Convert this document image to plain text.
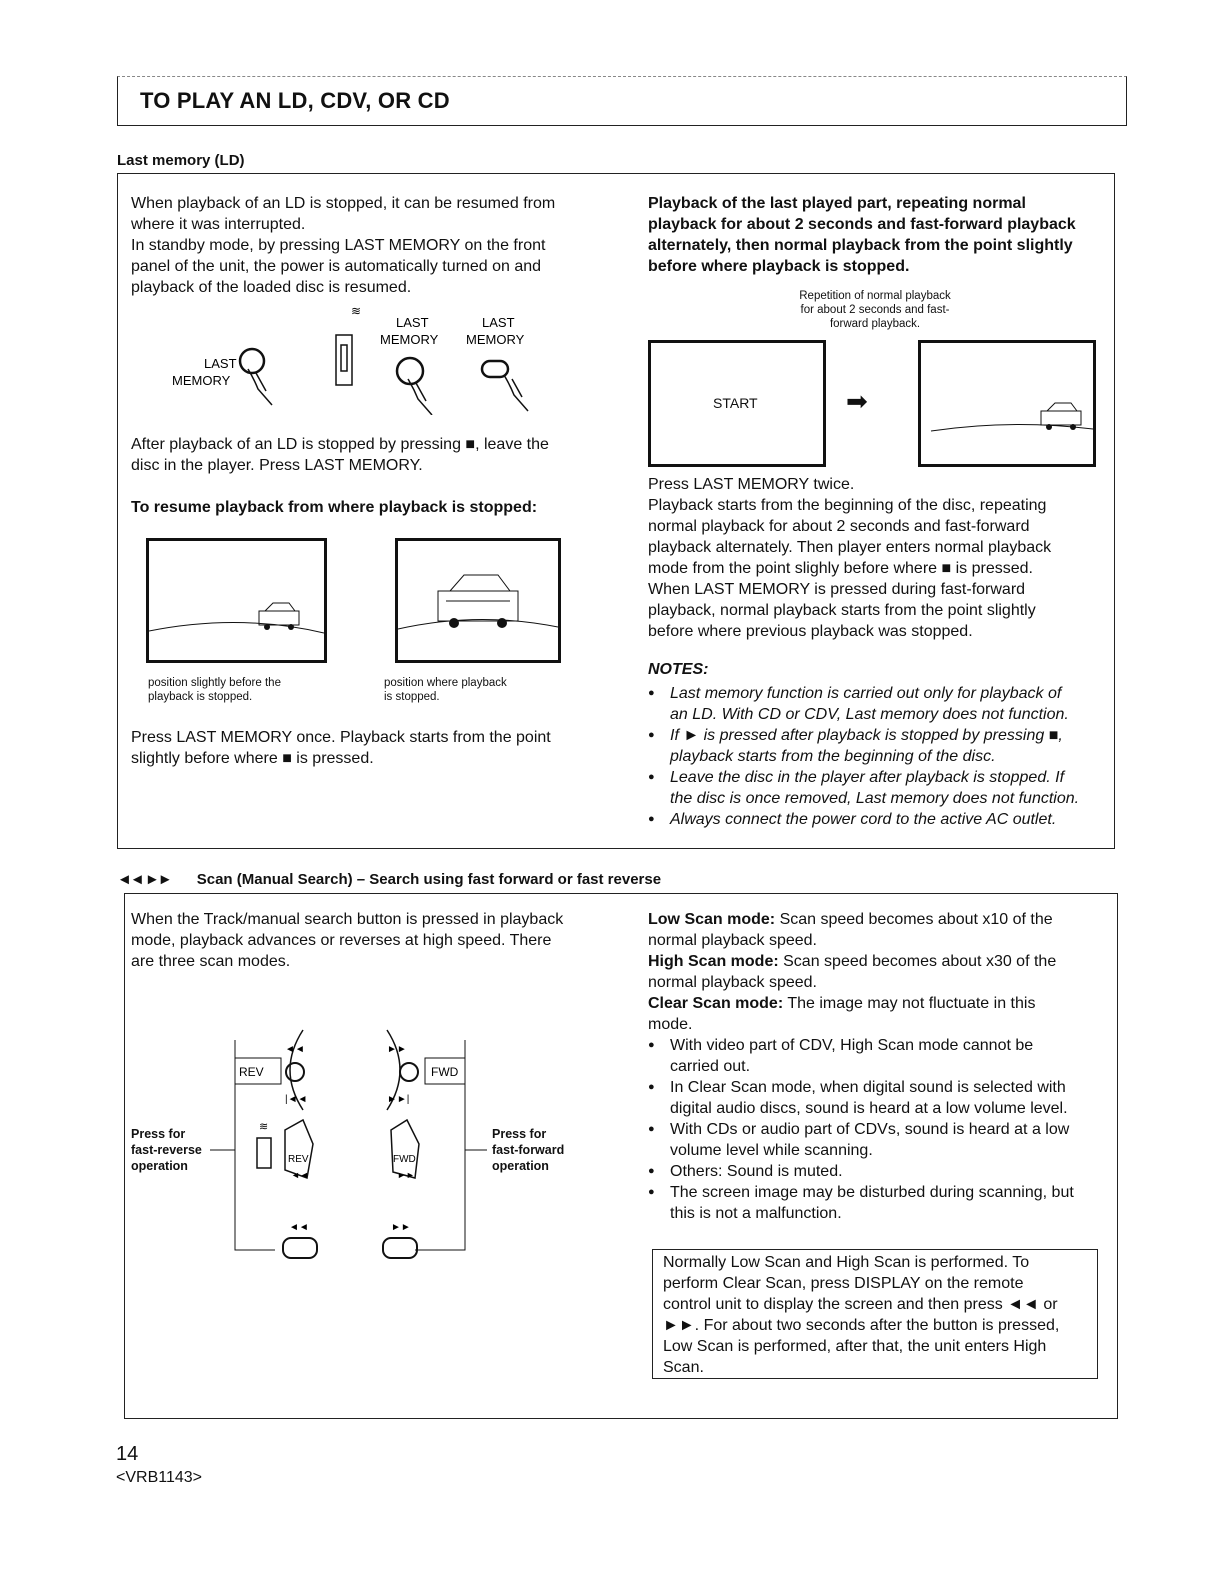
TO PLAY AN LD, CDV, OR CD
Last memory (LD)

When playback of an LD is stopped, it can be resumed from

where it was interrupted.

In standby mode, by pressing LAST MEMORY on the front

panel of the unit, the power is automatically turned on and

playback of the loaded disc is resumed.

LAST
MEMORY
≋
LAST
MEMORY
LAST
MEMORY

After playback of an LD is stopped by pressing ■, leave the

disc in the player. Press LAST MEMORY.

To resume playback from where playback is stopped:
position slightly before the
playback is stopped.
position where playback
is stopped.

Press LAST MEMORY once. Playback starts from the point

slightly before where ■ is pressed.

Playback of the last played part, repeating normal
playback for about 2 seconds and fast-forward playback
alternately, then normal playback from the point slightly
before where playback is stopped.
Repetition of normal playback
for about 2 seconds and fast-
forward playback.
START	➡

Press LAST MEMORY twice.

Playback starts from the beginning of the disc, repeating

normal playback for about 2 seconds and fast-forward

playback alternately. Then player enters normal playback

mode from the point slighly before where ■ is pressed.

When LAST MEMORY is pressed during fast-forward

playback, normal playback starts from the point slightly

before where previous playback was stopped.

NOTES:
● Last memory function is carried out only for playback of
an LD. With CD or CDV, Last memory does not function.
● If ► is pressed after playback is stopped by pressing ■,
playback starts from the beginning of the disc.
● Leave the disc in the player after playback is stopped. If
the disc is once removed, Last memory does not function.
● Always connect the power cord to the active AC outlet.
◄◄ ►► Scan (Manual Search) – Search using fast forward or fast reverse

When the Track/manual search button is pressed in playback

mode, playback advances or reverses at high speed. There

are three scan modes.

REV
◄◄
|◄◄
FWD
►►
►►|
≋
REV
◄◄
FWD
►►
◄◄	►►
Press for
fast-reverse
operation
Press for
fast-forward
operation

Low Scan mode: Scan speed becomes about x10 of the

normal playback speed.

High Scan mode: Scan speed becomes about x30 of the

normal playback speed.

Clear Scan mode: The image may not fluctuate in this

mode.

● With video part of CDV, High Scan mode cannot be
carried out.
● In Clear Scan mode, when digital sound is selected with
digital audio discs, sound is heard at a low volume level.
● With CDs or audio part of CDVs, sound is heard at a low
volume level while scanning.
● Others: Sound is muted.
● The screen image may be disturbed during scanning, but
this is not a malfunction.

Normally Low Scan and High Scan is performed. To

perform Clear Scan, press DISPLAY on the remote

control unit to display the screen and then press ◄◄ or

►►. For about two seconds after the button is pressed,

Low Scan is performed, after that, the unit enters High

Scan.

14
<VRB1143>
